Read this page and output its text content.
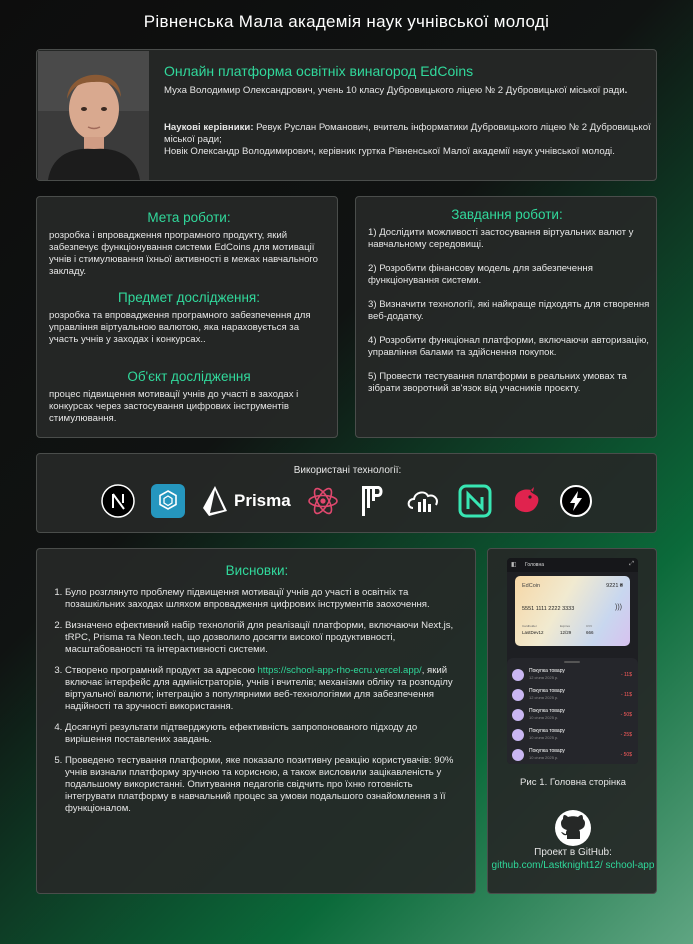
Рівненська Мала академія наук учнівської молоді
Онлайн платформа освітніх винагород EdCoins
Муха Володимир Олександрович, учень 10 класу Дубровицького ліцею № 2 Дубровицької міської ради.
Наукові керівники: Ревук Руслан Романович, вчитель інформатики Дубровицького ліцею № 2 Дубровицької міської ради;
Новік Олександр Володимирович, керівник гуртка Рівненської Малої академії наук учнівської молоді.
Мета роботи:
розробка і впровадження програмного продукту, який забезпечує функціонування системи EdCoins для мотивації учнів і стимулювання їхньої активності в межах навчального закладу.
Предмет дослідження:
розробка та впровадження програмного забезпечення для управління віртуальною валютою, яка нараховується за участь учнів у заходах і конкурсах..
Об'єкт дослідження
процес підвищення мотивації учнів до участі в заходах і конкурсах через застосування цифрових інструментів стимулювання.
Завдання роботи:
1) Дослідити можливості застосування віртуальних валют у навчальному середовищі.
2) Розробити фінансову модель для забезпечення функціонування системи.
3) Визначити технології, які найкраще підходять для створення веб-додатку.
4) Розробити функціонал платформи, включаючи авторизацію, управління балами та здійснення покупок.
5) Провести тестування платформи в реальних умовах та зібрати зворотний зв'язок від учасників проєкту.
Використані технології:
Prisma
Висновки:
1. Було розглянуто проблему підвищення мотивації учнів до участі в освітніх та позашкільних заходах шляхом впровадження цифрових інструментів заохочення.
2. Визначено ефективний набір технологій для реалізації платформи, включаючи Next.js, tRPC, Prisma та Neon.tech, що дозволило досягти високої продуктивності, масштабованості та інтерактивності системи.
3. Створено програмний продукт за адресою https://school-app-rho-ecru.vercel.app/, який включає інтерфейс для адміністраторів, учнів і вчителів; механізми обліку та розподілу віртуальної валюти; інтеграцію з популярними веб-технологіями для забезпечення надійності та зручності використання.
4. Досягнуті результати підтверджують ефективність запропонованого підходу до вирішення поставлених завдань.
5. Проведено тестування платформи, яке показало позитивну реакцію користувачів: 90% учнів визнали платформу зручною та корисною, а також висловили зацікавленість у подальшому використанні. Опитування педагогів свідчить про їхню готовність інтегрувати платформу в навчальний процес за умови подальшого ознайомлення з її функціоналом.
◧ Головна	⤢
EdCoin	9221 ₴
5551 1111 2222 3333	)))
Cardholder
LastDev12
Expires
12/29
CVV
666
Покупка товару
12 січня 2025 р.	- 11$
Покупка товару
12 січня 2025 р.	- 11$
Покупка товару
10 січня 2025 р.	- 50$
Покупка товару
10 січня 2025 р.	- 25$
Покупка товару
10 січня 2025 р.	- 50$
Рис 1. Головна сторінка
Проект в GitHub:
github.com/Lastknight12/ school-app
